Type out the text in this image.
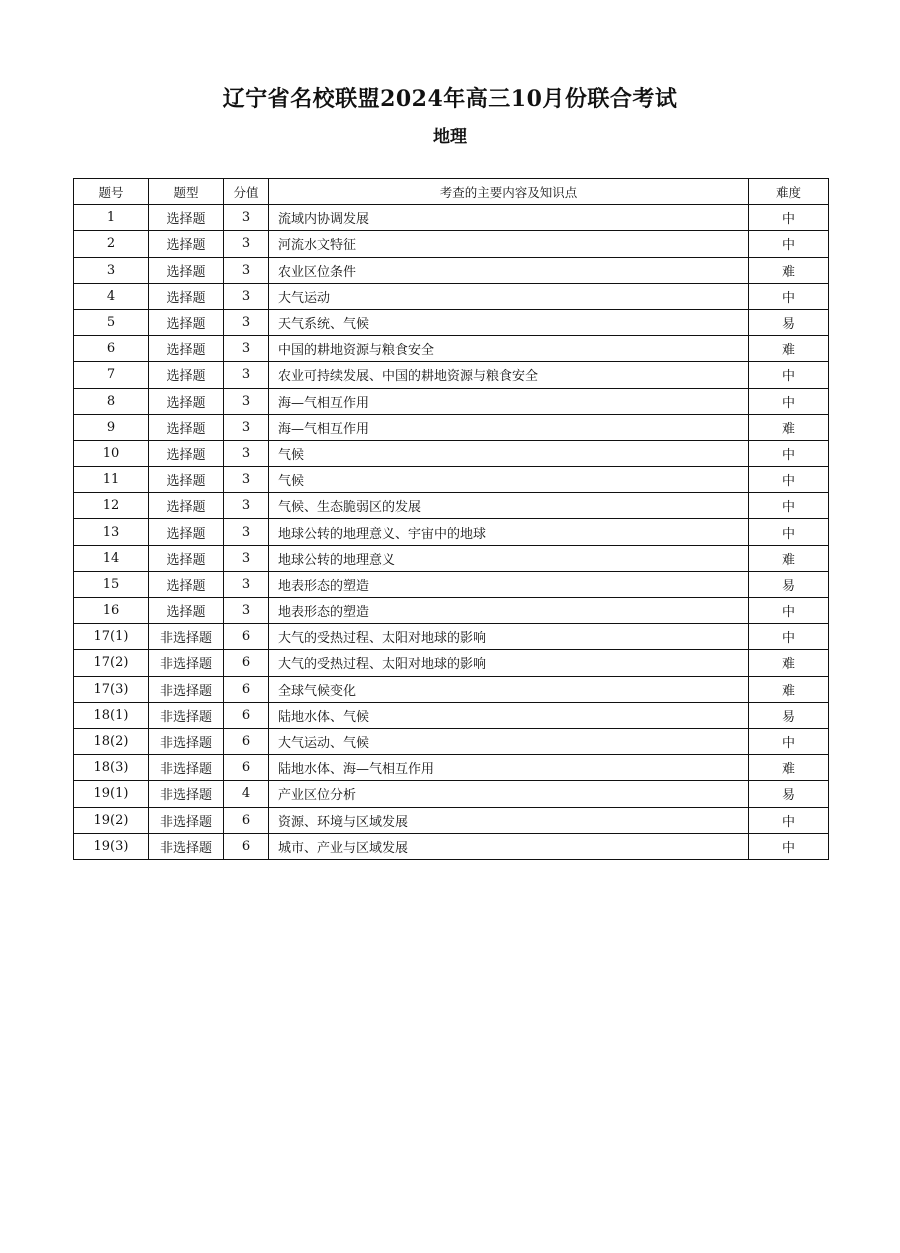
辽宁省名校联盟2024年高三10月份联合考试
地理
题号	题型	分值	考查的主要内容及知识点	难度
1	选择题	3	流域内协调发展	中
2	选择题	3	河流水文特征	中
3	选择题	3	农业区位条件	难
4	选择题	3	大气运动	中
5	选择题	3	天气系统、气候	易
6	选择题	3	中国的耕地资源与粮食安全	难
7	选择题	3	农业可持续发展、中国的耕地资源与粮食安全	中
8	选择题	3	海—气相互作用	中
9	选择题	3	海—气相互作用	难
10	选择题	3	气候	中
11	选择题	3	气候	中
12	选择题	3	气候、生态脆弱区的发展	中
13	选择题	3	地球公转的地理意义、宇宙中的地球	中
14	选择题	3	地球公转的地理意义	难
15	选择题	3	地表形态的塑造	易
16	选择题	3	地表形态的塑造	中
17(1)	非选择题	6	大气的受热过程、太阳对地球的影响	中
17(2)	非选择题	6	大气的受热过程、太阳对地球的影响	难
17(3)	非选择题	6	全球气候变化	难
18(1)	非选择题	6	陆地水体、气候	易
18(2)	非选择题	6	大气运动、气候	中
18(3)	非选择题	6	陆地水体、海—气相互作用	难
19(1)	非选择题	4	产业区位分析	易
19(2)	非选择题	6	资源、环境与区域发展	中
19(3)	非选择题	6	城市、产业与区域发展	中
